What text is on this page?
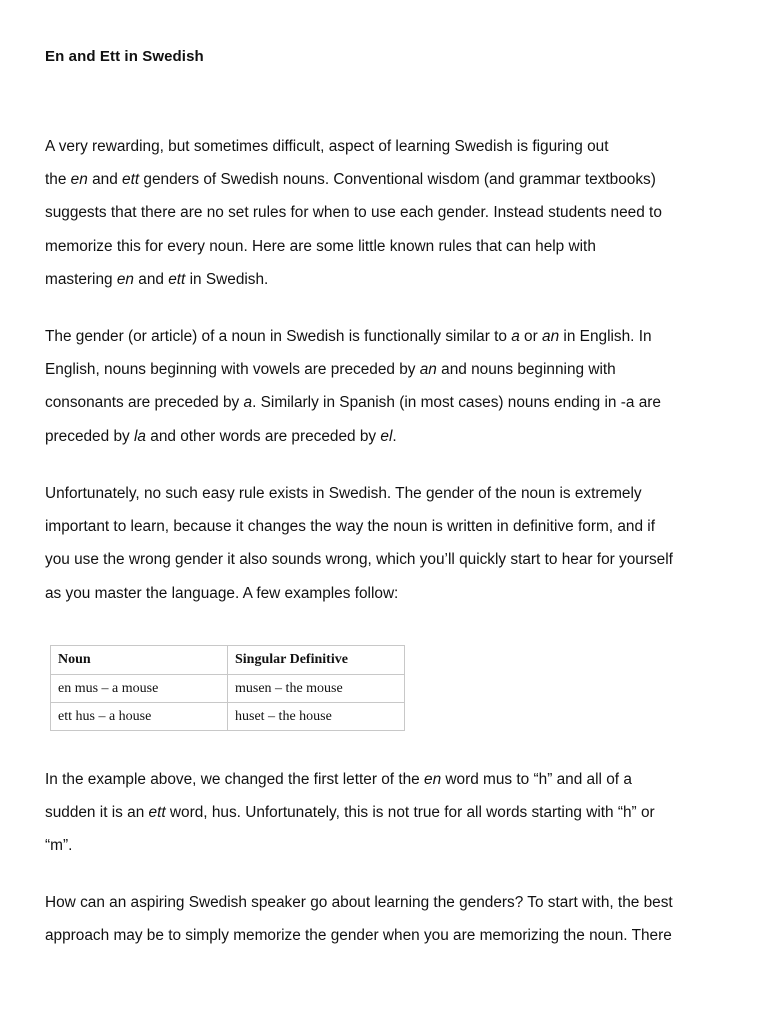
En and Ett in Swedish

A very rewarding, but sometimes difficult, aspect of learning Swedish is figuring out
the en and ett genders of Swedish nouns. Conventional wisdom (and grammar textbooks)
suggests that there are no set rules for when to use each gender. Instead students need to
memorize this for every noun. Here are some little known rules that can help with
mastering en and ett in Swedish.

The gender (or article) of a noun in Swedish is functionally similar to a or an in English. In
English, nouns beginning with vowels are preceded by an and nouns beginning with
consonants are preceded by a. Similarly in Spanish (in most cases) nouns ending in -a are
preceded by la and other words are preceded by el.

Unfortunately, no such easy rule exists in Swedish. The gender of the noun is extremely
important to learn, because it changes the way the noun is written in definitive form, and if
you use the wrong gender it also sounds wrong, which you’ll quickly start to hear for yourself
as you master the language. A few examples follow:

Noun	Singular Definitive
en mus – a mouse	musen – the mouse
ett hus – a house	huset – the house

In the example above, we changed the first letter of the en word mus to “h” and all of a
sudden it is an ett word, hus. Unfortunately, this is not true for all words starting with “h” or
“m”.

How can an aspiring Swedish speaker go about learning the genders? To start with, the best
approach may be to simply memorize the gender when you are memorizing the noun. There
